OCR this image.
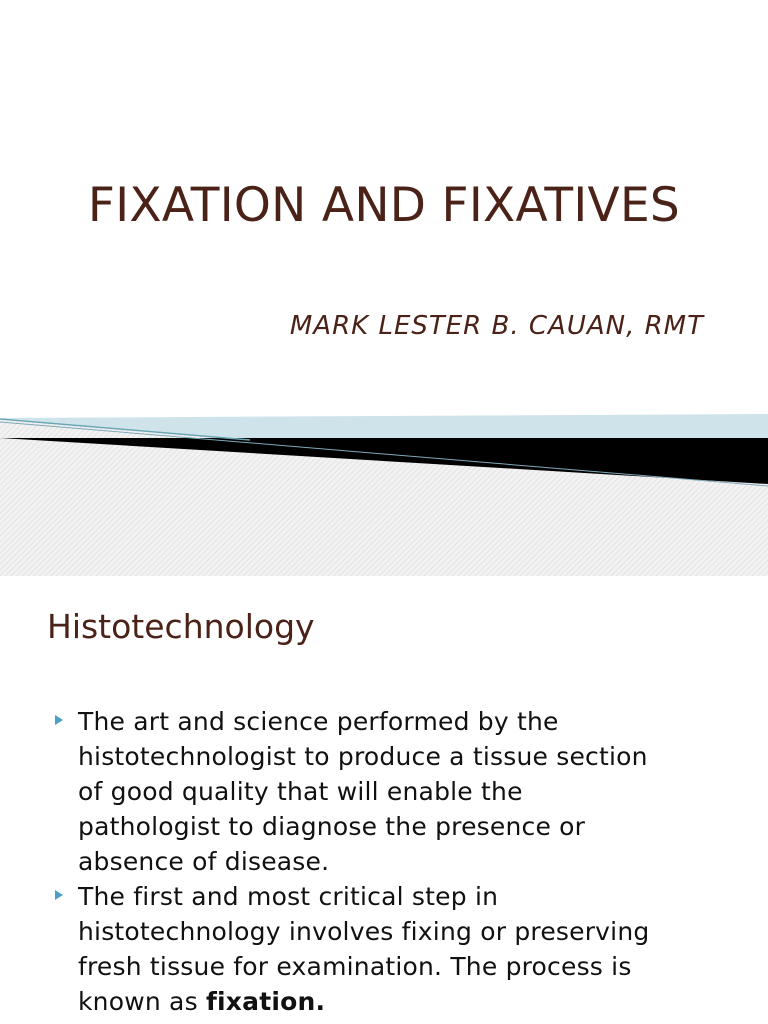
FIXATION AND FIXATIVES
MARK LESTER B. CAUAN, RMT
Histotechnology
The art and science performed by the
histotechnologist to produce a tissue section
of good quality that will enable the
pathologist to diagnose the presence or
absence of disease.
The first and most critical step in
histotechnology involves fixing or preserving
fresh tissue for examination. The process is
known as fixation.
